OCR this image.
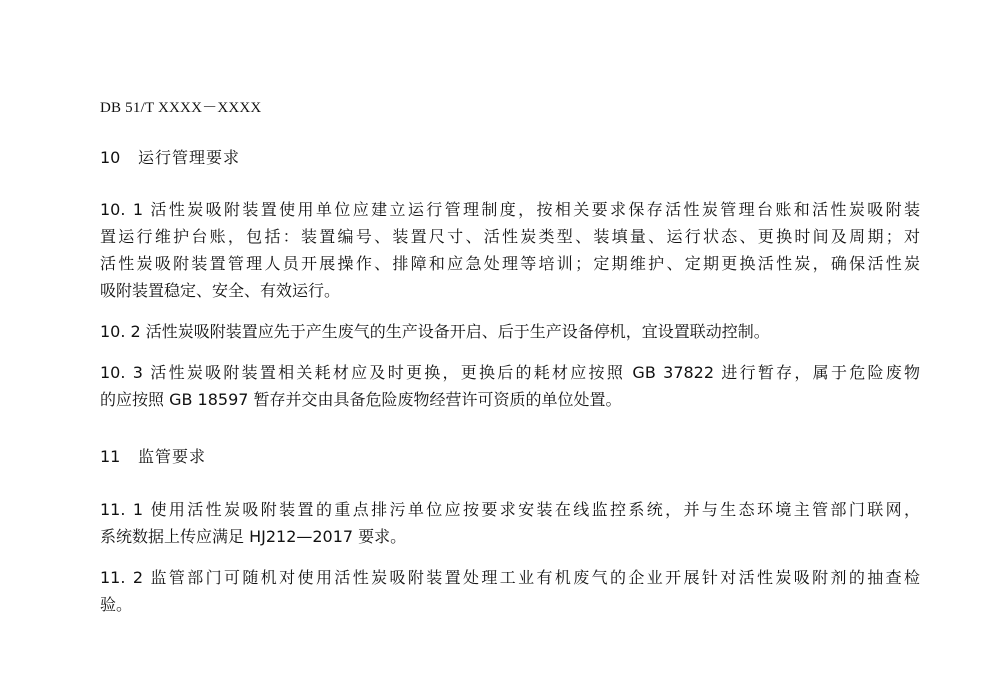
DB 51/T XXXX－XXXX
10 运行管理要求
10. 1 活性炭吸附装置使用单位应建立运行管理制度，按相关要求保存活性炭管理台账和活性炭吸附装
置运行维护台账，包括：装置编号、装置尺寸、活性炭类型、装填量、运行状态、更换时间及周期；对
活性炭吸附装置管理人员开展操作、排障和应急处理等培训；定期维护、定期更换活性炭，确保活性炭
吸附装置稳定、安全、有效运行。
10. 2 活性炭吸附装置应先于产生废气的生产设备开启、后于生产设备停机，宜设置联动控制。
10. 3 活性炭吸附装置相关耗材应及时更换，更换后的耗材应按照 GB 37822 进行暂存，属于危险废物
的应按照 GB 18597 暂存并交由具备危险废物经营许可资质的单位处置。
11 监管要求
11. 1 使用活性炭吸附装置的重点排污单位应按要求安装在线监控系统，并与生态环境主管部门联网，
系统数据上传应满足 HJ212—2017 要求。
11. 2 监管部门可随机对使用活性炭吸附装置处理工业有机废气的企业开展针对活性炭吸附剂的抽查检
验。
